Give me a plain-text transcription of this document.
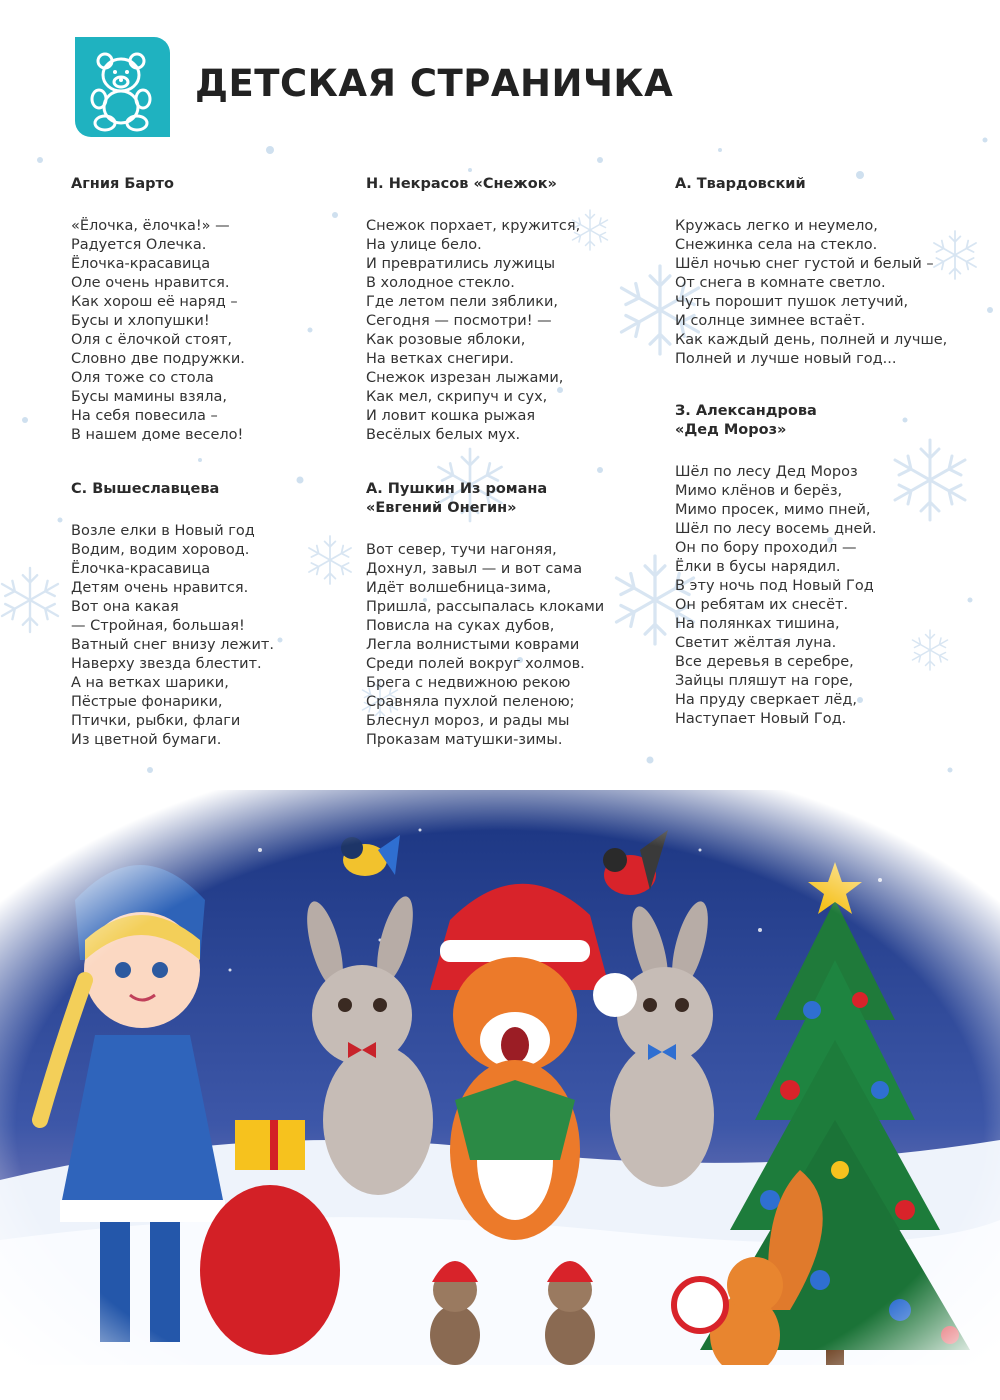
ДЕТСКАЯ СТРАНИЧКА
Агния Барто
«Ёлочка, ёлочка!» —
Радуется Олечка.
Ёлочка-красавица
Оле очень нравится.
Как хорош её наряд –
Бусы и хлопушки!
Оля с ёлочкой стоят,
Словно две подружки.
Оля тоже со стола
Бусы мамины взяла,
На себя повесила –
В нашем доме весело!
С. Вышеславцева
Возле елки в Новый год
Водим, водим хоровод.
Ёлочка-красавица
Детям очень нравится.
Вот она какая
— Стройная, большая!
Ватный снег внизу лежит.
Наверху звезда блестит.
А на ветках шарики,
Пёстрые фонарики,
Птички, рыбки, флаги
Из цветной бумаги.
Н. Некрасов «Снежок»
Снежок порхает, кружится,
На улице бело.
И превратились лужицы
В холодное стекло.
Где летом пели зяблики,
Сегодня — посмотри! —
Как розовые яблоки,
На ветках снегири.
Снежок изрезан лыжами,
Как мел, скрипуч и сух,
И ловит кошка рыжая
Весёлых белых мух.
А. Пушкин Из романа
«Евгений Онегин»
Вот север, тучи нагоняя,
Дохнул, завыл — и вот сама
Идёт волшебница-зима,
Пришла, рассыпалась клоками
Повисла на суках дубов,
Легла волнистыми коврами
Среди полей вокруг холмов.
Брега с недвижною рекою
Сравняла пухлой пеленою;
Блеснул мороз, и рады мы
Проказам матушки-зимы.
А. Твардовский
Кружась легко и неумело,
Снежинка села на стекло.
Шёл ночью снег густой и белый –
От снега в комнате светло.
Чуть порошит пушок летучий,
И солнце зимнее встаёт.
Как каждый день, полней и лучше,
Полней и лучше новый год...
З. Александрова
«Дед Мороз»
Шёл по лесу Дед Мороз
Мимо клёнов и берёз,
Мимо просек, мимо пней,
Шёл по лесу восемь дней.
Он по бору проходил —
Ёлки в бусы нарядил.
В эту ночь под Новый Год
Он ребятам их снесёт.
На полянках тишина,
Светит жёлтая луна.
Все деревья в серебре,
Зайцы пляшут на горе,
На пруду сверкает лёд,
Наступает Новый Год.
